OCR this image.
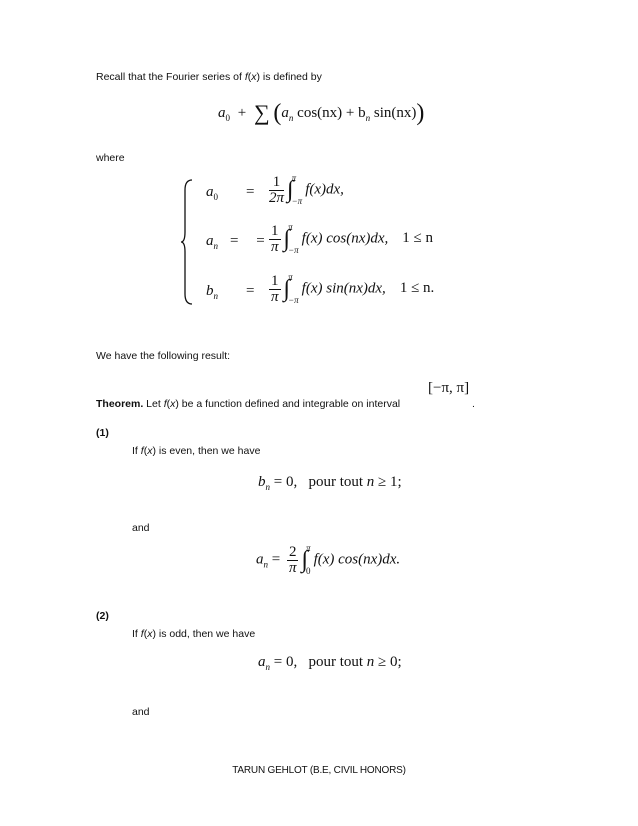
Recall that the Fourier series of f(x) is defined by
$a_0$ + ∑ ($a_n$ $\cos(nx) + b_n$ sin(nx))
where
$a_0 = \frac{1}{2\pi}$ ∫
π
−π
f(x)dx,
$a_n$ = = $\frac{1}{\pi}$ ∫
π
−π
f(x) cos(nx)dx, 1 ≤ n
$b_n = \frac{1}{\pi}$ ∫
π
−π
f(x) sin(nx)dx, 1 ≤ n.
We have the following result:
[−π, π]
Theorem. Let f(x) be a function defined and integrable on interval	.
(1)
If f(x) is even, then we have
$b_n = 0$,   pour tout n ≥ 1;
and
$a_n = \frac{2}{\pi}$ ∫
π
0
f(x) cos(nx)dx.
(2)
If f(x) is odd, then we have
$a_n = 0$,   pour tout n ≥ 0;
and
TARUN GEHLOT (B.E, CIVIL HONORS)
